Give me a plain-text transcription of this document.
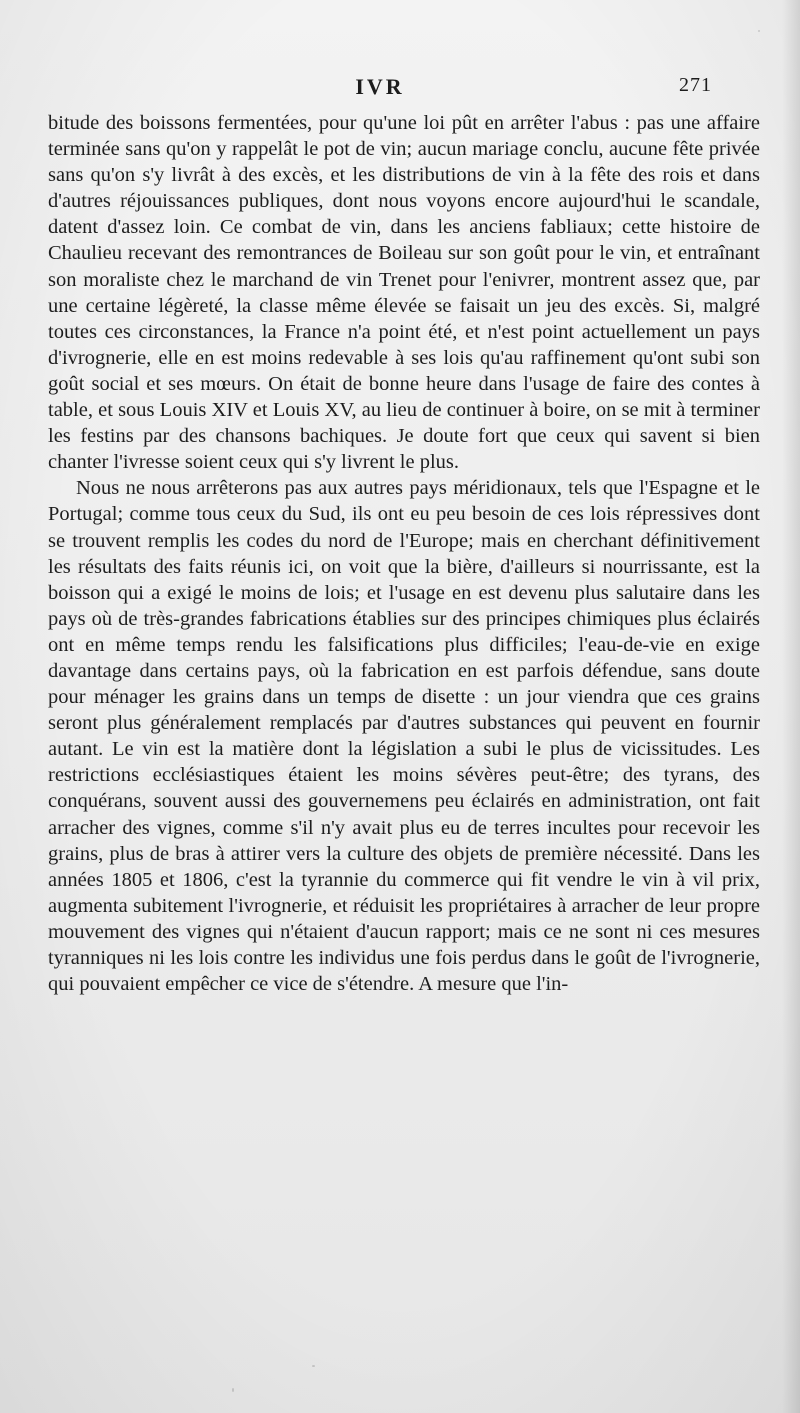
IVR	271

bitude des boissons fermentées, pour qu'une loi pût en arrêter l'abus : pas une affaire terminée sans qu'on y rappelât le pot de vin; aucun mariage conclu, aucune fête privée sans qu'on s'y livrât à des excès, et les distributions de vin à la fête des rois et dans d'autres réjouissances publiques, dont nous voyons encore aujourd'hui le scandale, datent d'assez loin. Ce combat de vin, dans les anciens fabliaux; cette histoire de Chaulieu recevant des remontrances de Boileau sur son goût pour le vin, et entraînant son moraliste chez le marchand de vin Trenet pour l'enivrer, montrent assez que, par une certaine légèreté, la classe même élevée se faisait un jeu des excès. Si, malgré toutes ces circonstances, la France n'a point été, et n'est point actuellement un pays d'ivrognerie, elle en est moins redevable à ses lois qu'au raffinement qu'ont subi son goût social et ses mœurs. On était de bonne heure dans l'usage de faire des contes à table, et sous Louis XIV et Louis XV, au lieu de continuer à boire, on se mit à terminer les festins par des chansons bachiques. Je doute fort que ceux qui savent si bien chanter l'ivresse soient ceux qui s'y livrent le plus.

Nous ne nous arrêterons pas aux autres pays méridionaux, tels que l'Espagne et le Portugal; comme tous ceux du Sud, ils ont eu peu besoin de ces lois répressives dont se trouvent remplis les codes du nord de l'Europe; mais en cherchant définitivement les résultats des faits réunis ici, on voit que la bière, d'ailleurs si nourrissante, est la boisson qui a exigé le moins de lois; et l'usage en est devenu plus salutaire dans les pays où de très-grandes fabrications établies sur des principes chimiques plus éclairés ont en même temps rendu les falsifications plus difficiles; l'eau-de-vie en exige davantage dans certains pays, où la fabrication en est parfois défendue, sans doute pour ménager les grains dans un temps de disette : un jour viendra que ces grains seront plus généralement remplacés par d'autres substances qui peuvent en fournir autant. Le vin est la matière dont la législation a subi le plus de vicissitudes. Les restrictions ecclésiastiques étaient les moins sévères peut-être; des tyrans, des conquérans, souvent aussi des gouvernemens peu éclairés en administration, ont fait arracher des vignes, comme s'il n'y avait plus eu de terres incultes pour recevoir les grains, plus de bras à attirer vers la culture des objets de première nécessité. Dans les années 1805 et 1806, c'est la tyrannie du commerce qui fit vendre le vin à vil prix, augmenta subitement l'ivrognerie, et réduisit les propriétaires à arracher de leur propre mouvement des vignes qui n'étaient d'aucun rapport; mais ce ne sont ni ces mesures tyranniques ni les lois contre les individus une fois perdus dans le goût de l'ivrognerie, qui pouvaient empêcher ce vice de s'étendre. A mesure que l'in-
